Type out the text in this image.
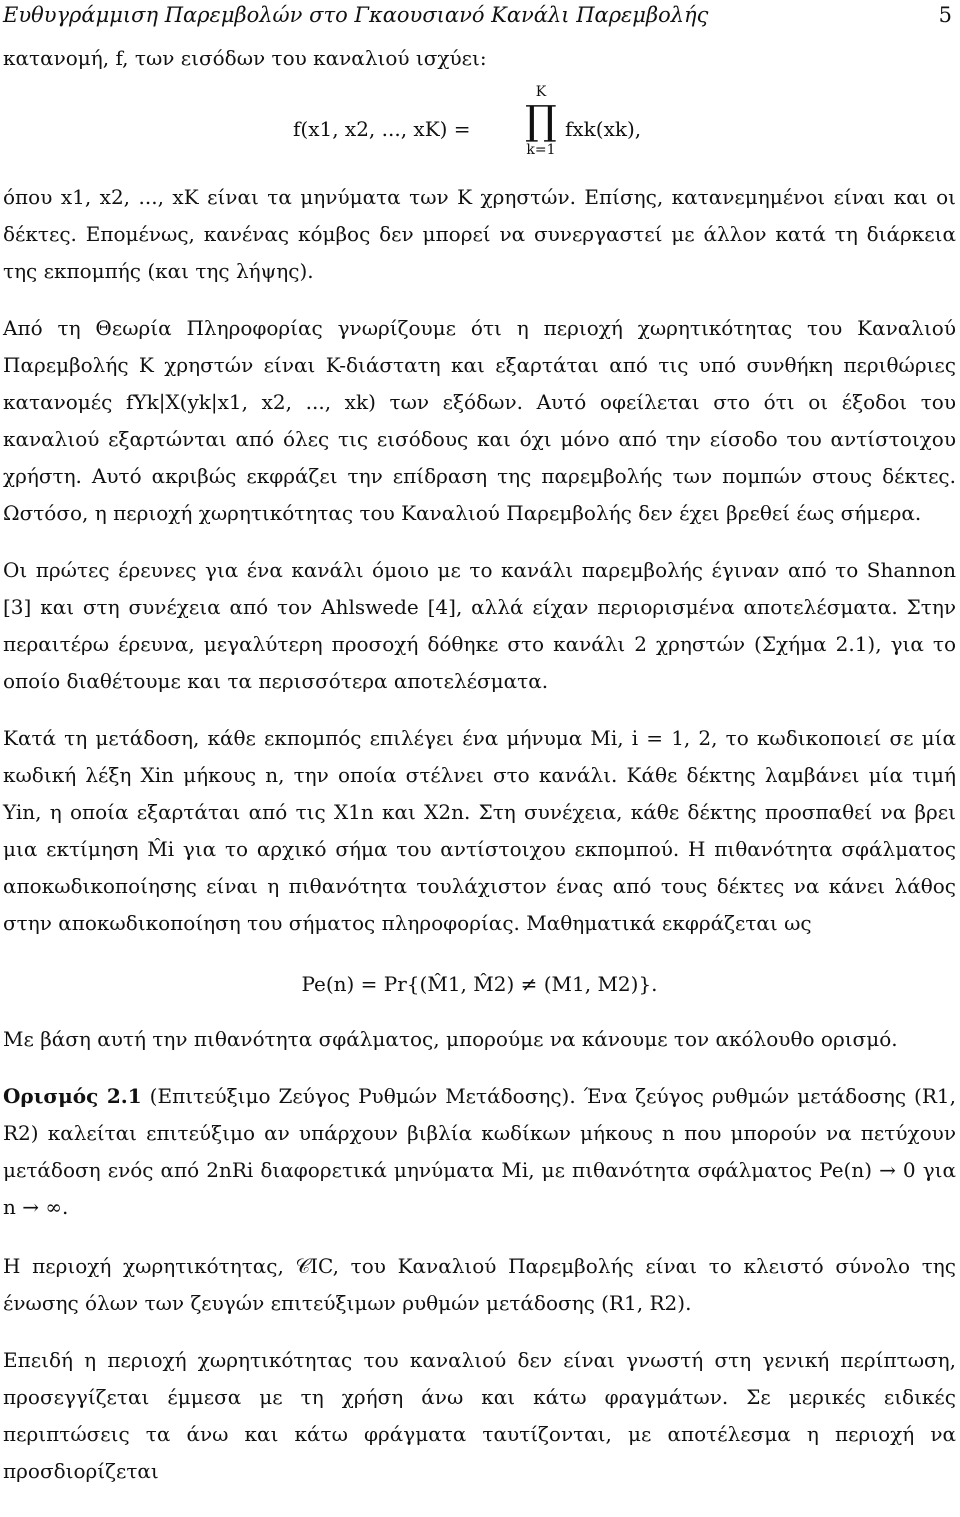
Ευθυγράμμιση Παρεμβολών στο Γκαουσιανό Κανάλι Παρεμβολής	5

κατανομή, f, των εισόδων του καναλιού ισχύει:

f(x1, x2, ..., xK) =
K
∏
k=1
fxk(xk),

όπου x1, x2, ..., xK είναι τα μηνύματα των K χρηστών. Επίσης, κατανεμημένοι είναι και οι δέκτες. Επομένως, κανένας κόμβος δεν μπορεί να συνεργαστεί με άλλον κατά τη διάρκεια της εκπομπής (και της λήψης).

Από τη Θεωρία Πληροφορίας γνωρίζουμε ότι η περιοχή χωρητικότητας του Καναλιού Παρεμβολής K χρηστών είναι K-διάστατη και εξαρτάται από τις υπό συνθήκη περιθώριες κατανομές fYk|X(yk|x1, x2, ..., xk) των εξόδων. Αυτό οφείλεται στο ότι οι έξοδοι του καναλιού εξαρτώνται από όλες τις εισόδους και όχι μόνο από την είσοδο του αντίστοιχου χρήστη. Αυτό ακριβώς εκφράζει την επίδραση της παρεμβολής των πομπών στους δέκτες. Ωστόσο, η περιοχή χωρητικότητας του Καναλιού Παρεμβολής δεν έχει βρεθεί έως σήμερα.

Οι πρώτες έρευνες για ένα κανάλι όμοιο με το κανάλι παρεμβολής έγιναν από το Shannon [3] και στη συνέχεια από τον Ahlswede [4], αλλά είχαν περιορισμένα αποτελέσματα. Στην περαιτέρω έρευνα, μεγαλύτερη προσοχή δόθηκε στο κανάλι 2 χρηστών (Σχήμα 2.1), για το οποίο διαθέτουμε και τα περισσότερα αποτελέσματα.

Κατά τη μετάδοση, κάθε εκπομπός επιλέγει ένα μήνυμα Mi, i = 1, 2, το κωδικοποιεί σε μία κωδική λέξη Xin μήκους n, την οποία στέλνει στο κανάλι. Κάθε δέκτης λαμβάνει μία τιμή Yin, η οποία εξαρτάται από τις X1n και X2n. Στη συνέχεια, κάθε δέκτης προσπαθεί να βρει μια εκτίμηση M̂i για το αρχικό σήμα του αντίστοιχου εκπομπού. Η πιθανότητα σφάλματος αποκωδικοποίησης είναι η πιθανότητα τουλάχιστον ένας από τους δέκτες να κάνει λάθος στην αποκωδικοποίηση του σήματος πληροφορίας. Μαθηματικά εκφράζεται ως

Pe(n) = Pr{(M̂1, M̂2) ≠ (M1, M2)}.

Με βάση αυτή την πιθανότητα σφάλματος, μπορούμε να κάνουμε τον ακόλουθο ορισμό.

Ορισμός 2.1 (Επιτεύξιμο Ζεύγος Ρυθμών Μετάδοσης). Ένα ζεύγος ρυθμών μετάδοσης (R1, R2) καλείται επιτεύξιμο αν υπάρχουν βιβλία κωδίκων μήκους n που μπορούν να πετύχουν μετάδοση ενός από 2nRi διαφορετικά μηνύματα Mi, με πιθανότητα σφάλματος Pe(n) → 0 για n → ∞.

Η περιοχή χωρητικότητας, 𝒞IC, του Καναλιού Παρεμβολής είναι το κλειστό σύνολο της ένωσης όλων των ζευγών επιτεύξιμων ρυθμών μετάδοσης (R1, R2).

Επειδή η περιοχή χωρητικότητας του καναλιού δεν είναι γνωστή στη γενική περίπτωση, προσεγγίζεται έμμεσα με τη χρήση άνω και κάτω φραγμάτων. Σε μερικές ειδικές περιπτώσεις τα άνω και κάτω φράγματα ταυτίζονται, με αποτέλεσμα η περιοχή να προσδιορίζεται
